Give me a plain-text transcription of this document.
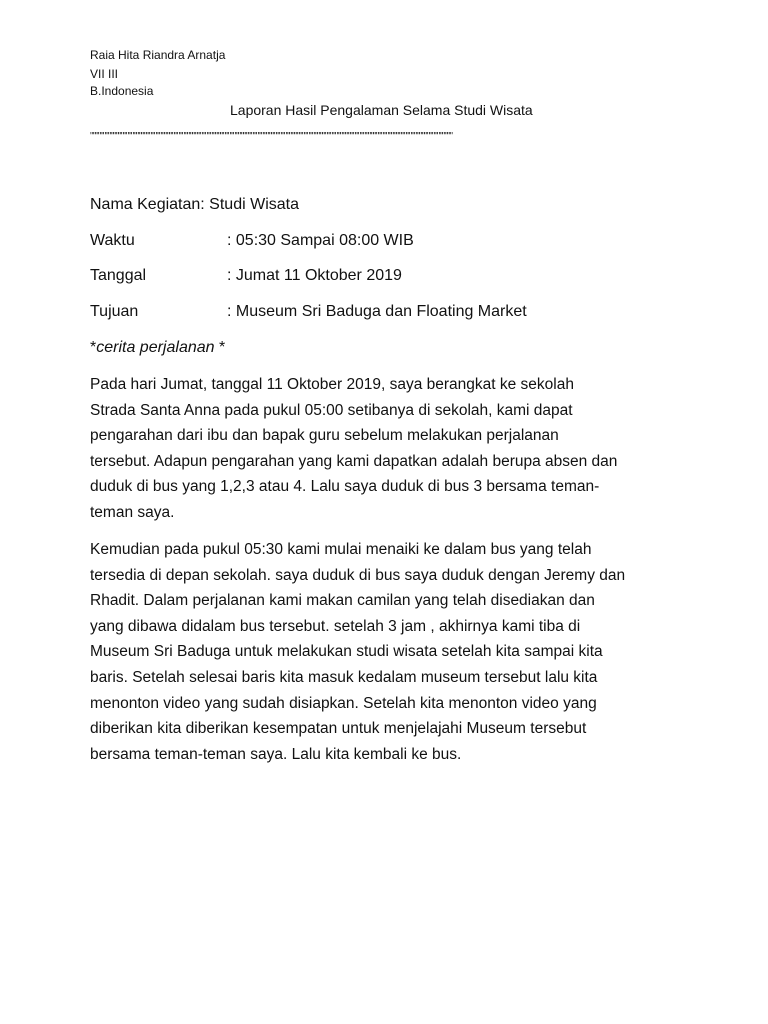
Raia Hita Riandra Arnatja
VII III
B.Indonesia
Laporan Hasil Pengalaman Selama Studi Wisata
""""""""""""""""""""""""""""""""""""""""""""""""""""""""""""""""""""""""""""""""""""""""""""""""""""""""""""""""""""""""""""""""""""""""""""""
Nama Kegiatan: Studi Wisata
Waktu	: 05:30 Sampai 08:00 WIB
Tanggal	: Jumat 11 Oktober 2019
Tujuan	: Museum Sri Baduga dan Floating Market
*cerita perjalanan *
Pada hari Jumat, tanggal 11 Oktober 2019, saya berangkat ke sekolah
Strada Santa Anna pada pukul 05:00 setibanya di sekolah, kami dapat
pengarahan dari ibu dan bapak guru sebelum melakukan perjalanan
tersebut. Adapun pengarahan yang kami dapatkan adalah berupa absen dan
duduk di bus yang 1,2,3 atau 4. Lalu saya duduk di bus 3 bersama teman-
teman saya.
Kemudian pada pukul 05:30 kami mulai menaiki ke dalam bus yang telah
tersedia di depan sekolah. saya duduk di bus saya duduk dengan Jeremy dan
Rhadit. Dalam perjalanan kami makan camilan yang telah disediakan dan
yang dibawa didalam bus tersebut. setelah 3 jam , akhirnya kami tiba di
Museum Sri Baduga untuk melakukan studi wisata setelah kita sampai kita
baris. Setelah selesai baris kita masuk kedalam museum tersebut lalu kita
menonton video yang sudah disiapkan. Setelah kita menonton video yang
diberikan kita diberikan kesempatan untuk menjelajahi Museum tersebut
bersama teman-teman saya. Lalu kita kembali ke bus.
